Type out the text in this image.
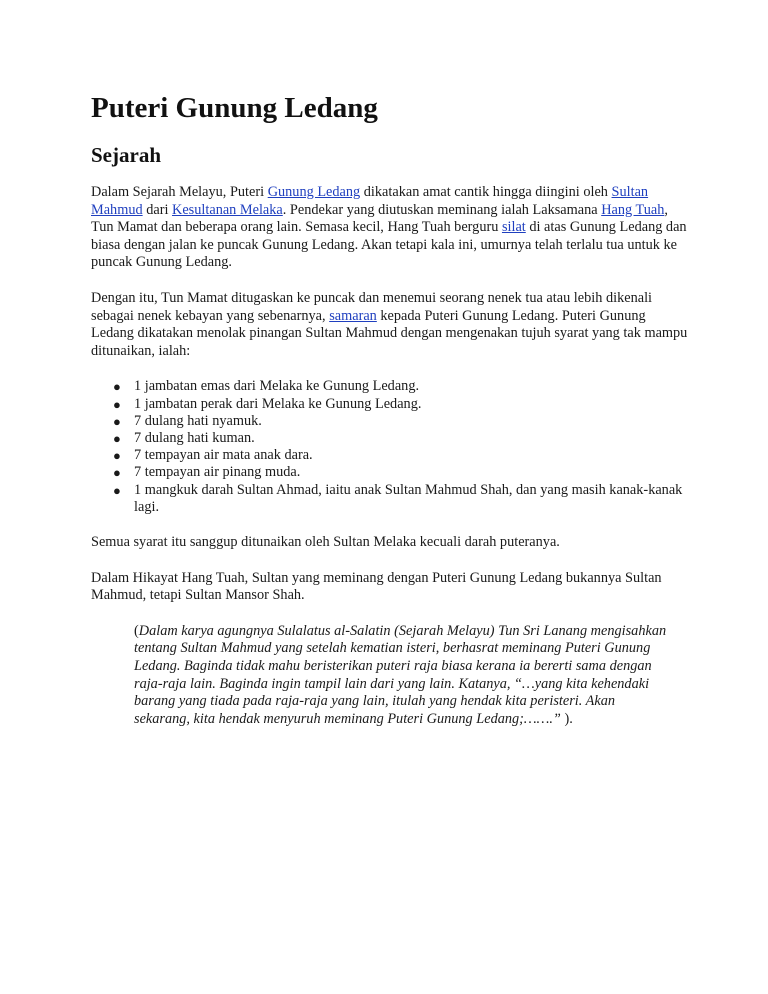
Puteri Gunung Ledang
Sejarah

Dalam Sejarah Melayu, Puteri Gunung Ledang dikatakan amat cantik hingga diingini oleh Sultan Mahmud dari Kesultanan Melaka. Pendekar yang diutuskan meminang ialah Laksamana Hang Tuah, Tun Mamat dan beberapa orang lain. Semasa kecil, Hang Tuah berguru silat di atas Gunung Ledang dan biasa dengan jalan ke puncak Gunung Ledang. Akan tetapi kala ini, umurnya telah terlalu tua untuk ke puncak Gunung Ledang.

Dengan itu, Tun Mamat ditugaskan ke puncak dan menemui seorang nenek tua atau lebih dikenali sebagai nenek kebayan yang sebenarnya, samaran kepada Puteri Gunung Ledang. Puteri Gunung Ledang dikatakan menolak pinangan Sultan Mahmud dengan mengenakan tujuh syarat yang tak mampu ditunaikan, ialah:

● 1 jambatan emas dari Melaka ke Gunung Ledang.
● 1 jambatan perak dari Melaka ke Gunung Ledang.
● 7 dulang hati nyamuk.
● 7 dulang hati kuman.
● 7 tempayan air mata anak dara.
● 7 tempayan air pinang muda.
● 1 mangkuk darah Sultan Ahmad, iaitu anak Sultan Mahmud Shah, dan yang masih kanak-kanak lagi.

Semua syarat itu sanggup ditunaikan oleh Sultan Melaka kecuali darah puteranya.

Dalam Hikayat Hang Tuah, Sultan yang meminang dengan Puteri Gunung Ledang bukannya Sultan Mahmud, tetapi Sultan Mansor Shah.

(Dalam karya agungnya Sulalatus al-Salatin (Sejarah Melayu) Tun Sri Lanang mengisahkan tentang Sultan Mahmud yang setelah kematian isteri, berhasrat meminang Puteri Gunung Ledang. Baginda tidak mahu beristerikan puteri raja biasa kerana ia bererti sama dengan raja-raja lain. Baginda ingin tampil lain dari yang lain. Katanya, “…yang kita kehendaki barang yang tiada pada raja-raja yang lain, itulah yang hendak kita peristeri. Akan sekarang, kita hendak menyuruh meminang Puteri Gunung Ledang;…….” ).
